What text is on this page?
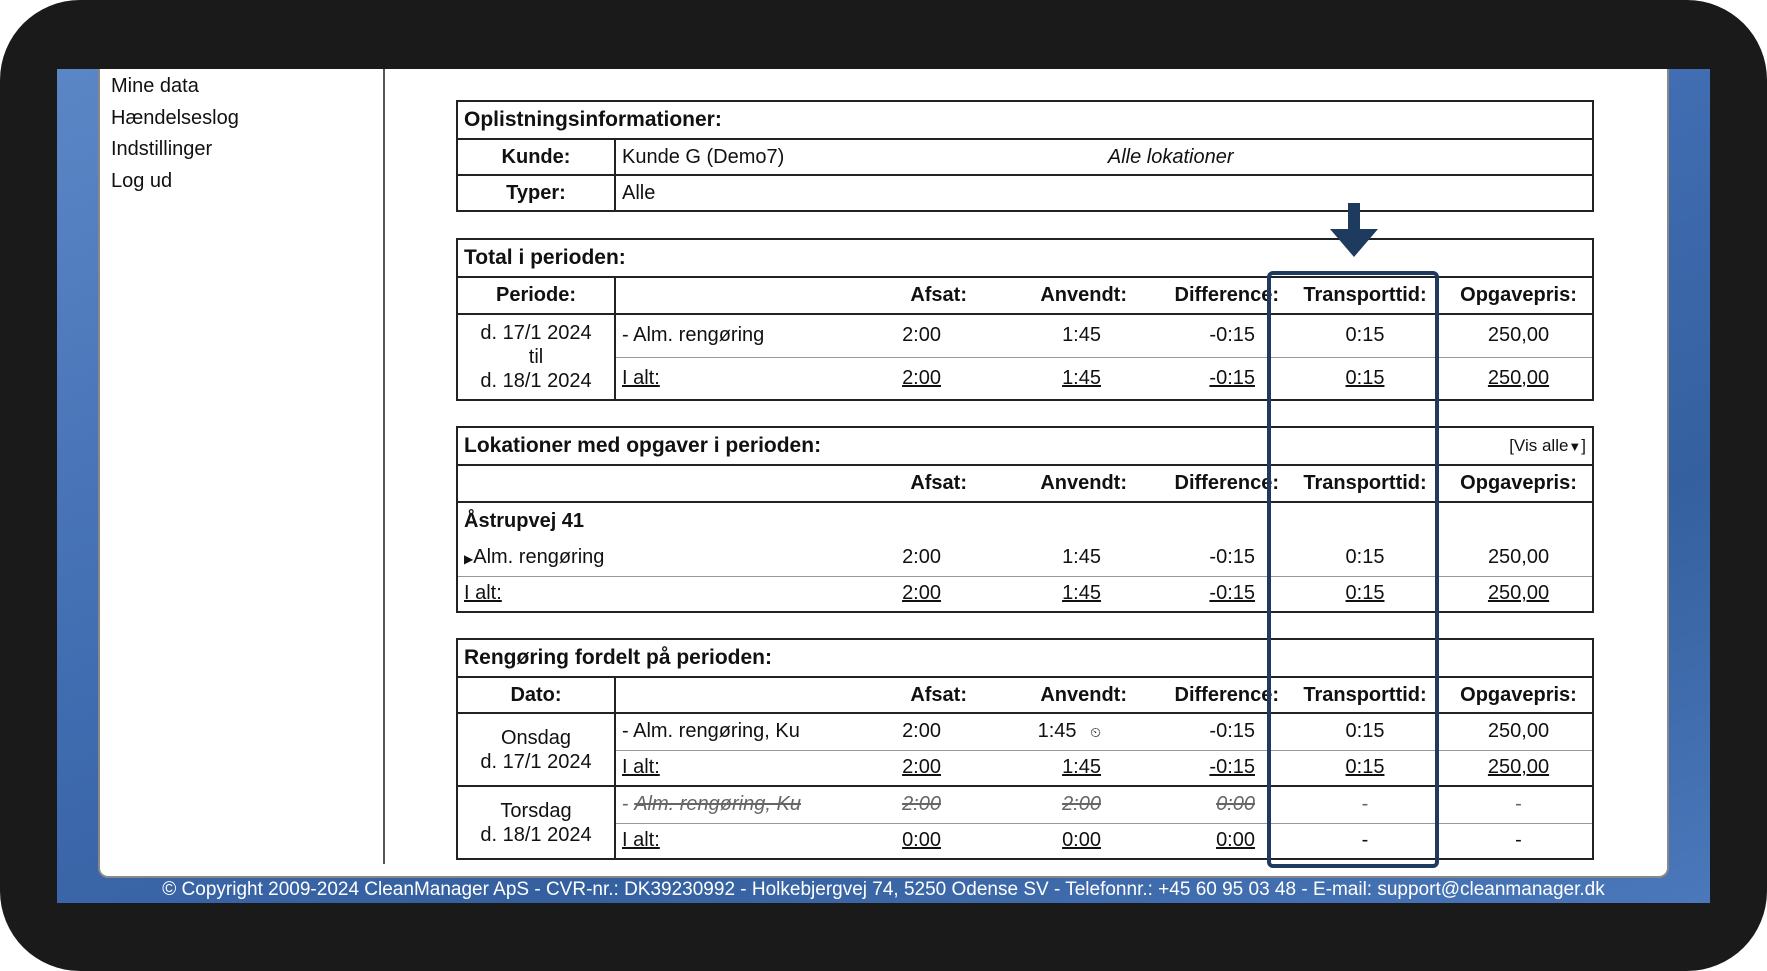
Mine data
Hændelseslog
Indstillinger
Log ud
Oplistningsinformationer:	
Kunde:	Kunde G (Demo7) Alle lokationer
Typer:	Alle
Total i perioden:						
Periode:		Afsat:	Anvendt:	Difference:	Transporttid:	Opgavepris:

d. 17/1 2024
til
d. 18/1 2024	- Alm. rengøring	2:00	1:45	-0:15	0:15	250,00
	I alt:	2:00	1:45	-0:15	0:15	250,00
Lokationer med opgaver i perioden:					[Vis alle▼]
	Afsat:	Anvendt:	Difference:	Transporttid:	Opgavepris:
Åstrupvej 41					
▶Alm. rengøring	2:00	1:45	-0:15	0:15	250,00
I alt:	2:00	1:45	-0:15	0:15	250,00
Rengøring fordelt på perioden:						
Dato:		Afsat:	Anvendt:	Difference:	Transporttid:	Opgavepris:

Onsdag
d. 17/1 2024	- Alm. rengøring, Ku	2:00	1:45 ⏲	-0:15	0:15	250,00
	I alt:	2:00	1:45	-0:15	0:15	250,00

Torsdag
d. 18/1 2024	- Alm. rengøring, Ku	2:00	2:00	0:00	-	-
	I alt:	0:00	0:00	0:00	-	-
© Copyright 2009-2024 CleanManager ApS - CVR-nr.: DK39230992 - Holkebjergvej 74, 5250 Odense SV - Telefonnr.: +45 60 95 03 48 - E-mail: support@cleanmanager.dk
